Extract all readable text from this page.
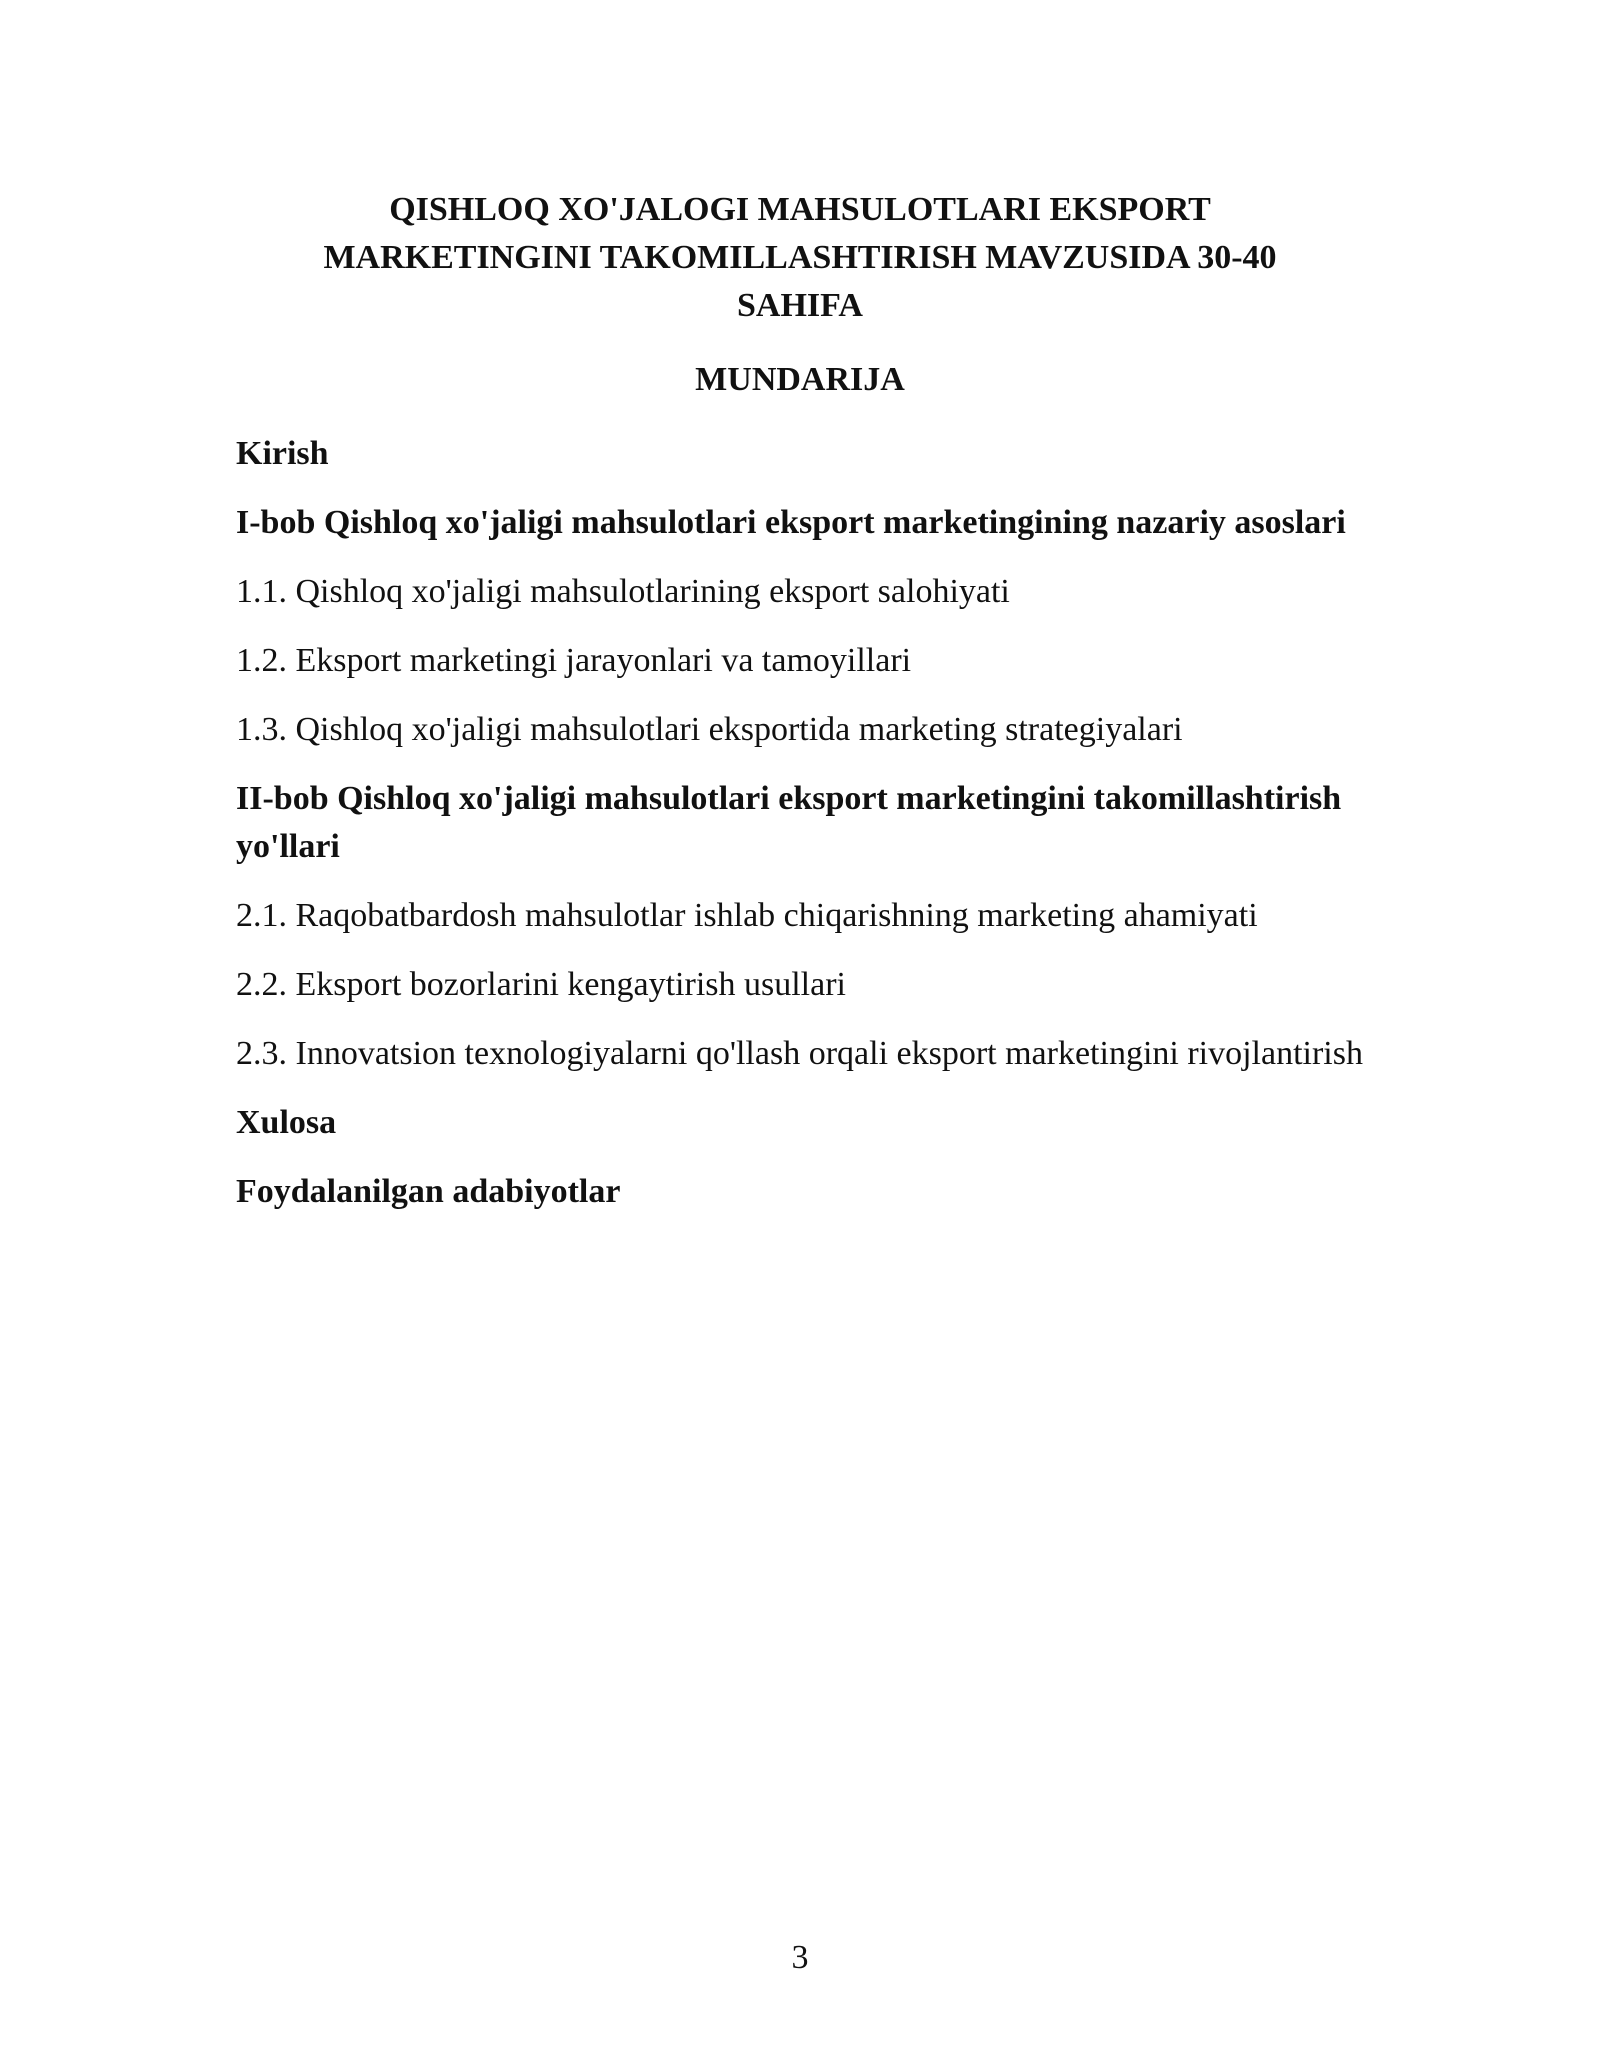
QISHLOQ XO'JALOGI MAHSULOTLARI EKSPORT MARKETINGINI TAKOMILLASHTIRISH MAVZUSIDA 30-40 SAHIFA
MUNDARIJA
Kirish
I-bob Qishloq xo'jaligi mahsulotlari eksport marketingining nazariy asoslari
1.1. Qishloq xo'jaligi mahsulotlarining eksport salohiyati
1.2. Eksport marketingi jarayonlari va tamoyillari
1.3. Qishloq xo'jaligi mahsulotlari eksportida marketing strategiyalari
II-bob Qishloq xo'jaligi mahsulotlari eksport marketingini takomillashtirish yo'llari
2.1. Raqobatbardosh mahsulotlar ishlab chiqarishning marketing ahamiyati
2.2. Eksport bozorlarini kengaytirish usullari
2.3. Innovatsion texnologiyalarni qo'llash orqali eksport marketingini rivojlantirish
Xulosa
Foydalanilgan adabiyotlar
3
